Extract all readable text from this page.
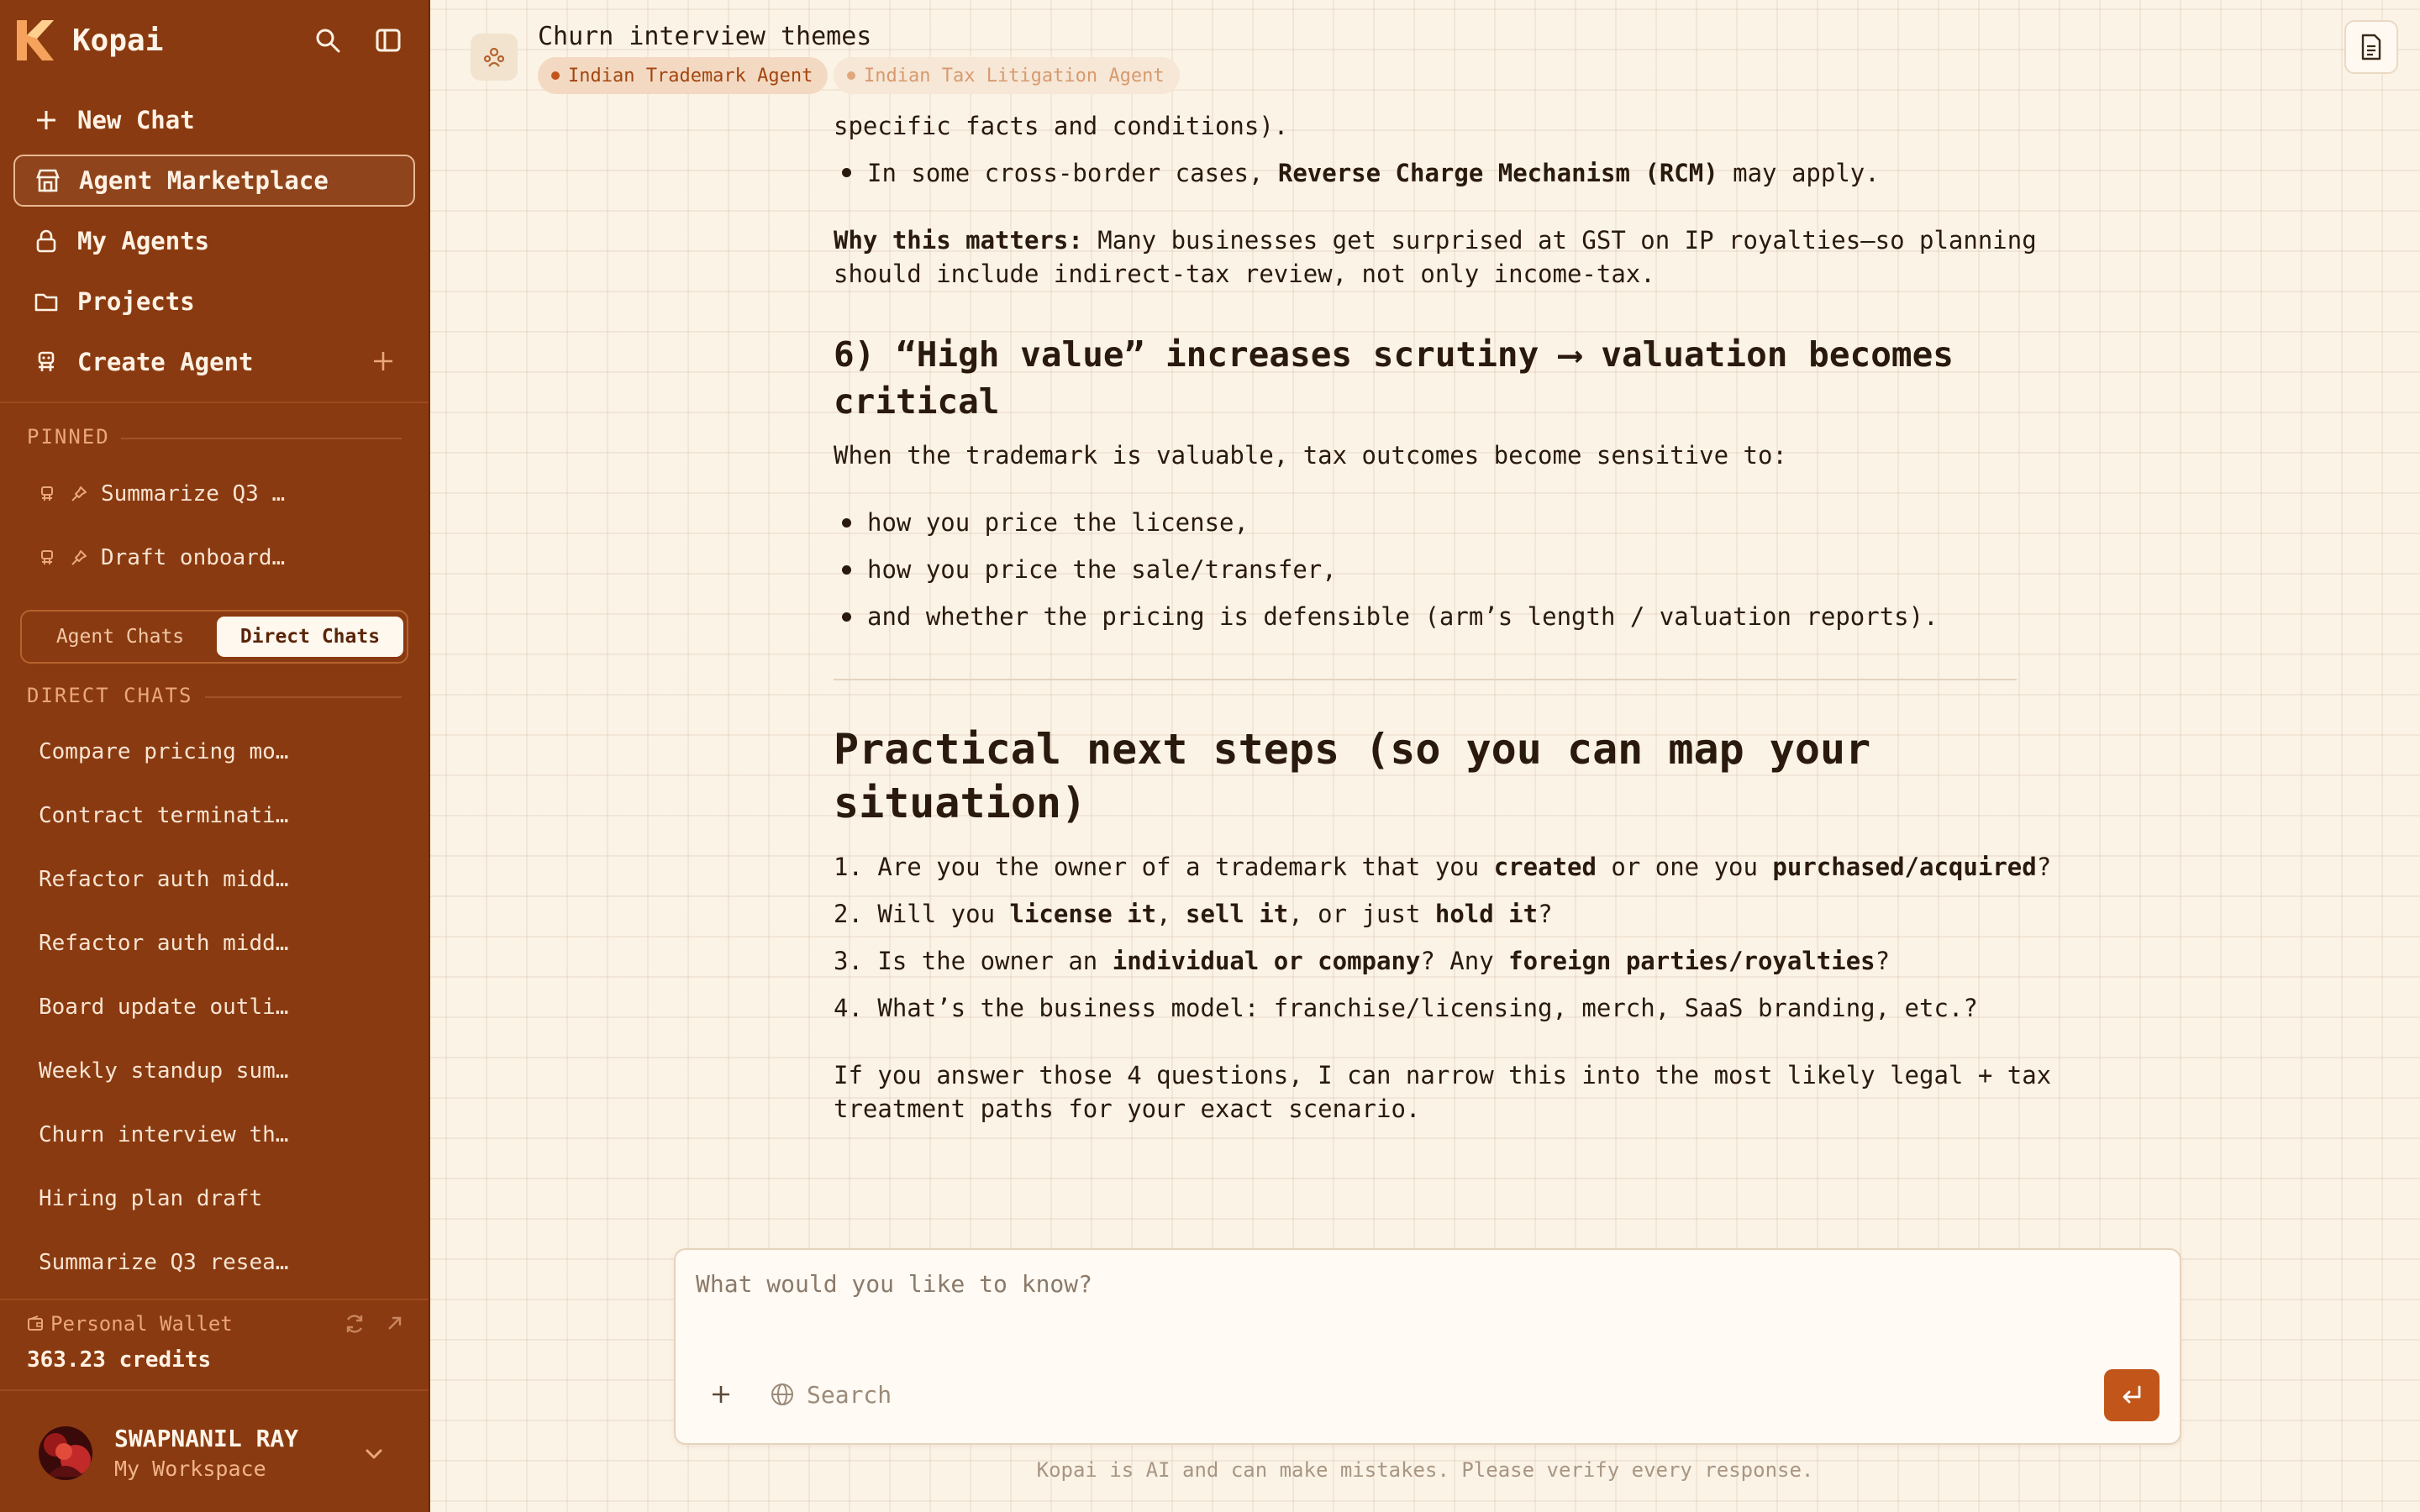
Kopai
New Chat
Agent Marketplace
My Agents
Projects
Create Agent
PINNED
Summarize Q3 …
Draft onboard…
Agent Chats	Direct Chats
DIRECT CHATS
Compare pricing mo…
Contract terminati…
Refactor auth midd…
Refactor auth midd…
Board update outli…
Weekly standup sum…
Churn interview th…
Hiring plan draft
Summarize Q3 resea…
Personal Wallet
363.23 credits
SWAPNANIL RAY
My Workspace
Churn interview themes
Indian Trademark Agent	Indian Tax Litigation Agent
specific facts and conditions).
In some cross-border cases, Reverse Charge Mechanism (RCM) may apply.
Why this matters: Many businesses get surprised at GST on IP royalties—so planning
should include indirect-tax review, not only income-tax.
6) “High value” increases scrutiny ⟶ valuation becomes
critical
When the trademark is valuable, tax outcomes become sensitive to:
how you price the license,
how you price the sale/transfer,
and whether the pricing is defensible (arm’s length / valuation reports).
Practical next steps (so you can map your
situation)
1. Are you the owner of a trademark that you created or one you purchased/acquired?
2. Will you license it, sell it, or just hold it?
3. Is the owner an individual or company? Any foreign parties/royalties?
4. What’s the business model: franchise/licensing, merch, SaaS branding, etc.?
If you answer those 4 questions, I can narrow this into the most likely legal + tax
treatment paths for your exact scenario.
What would you like to know?
Search
Kopai is AI and can make mistakes. Please verify every response.
